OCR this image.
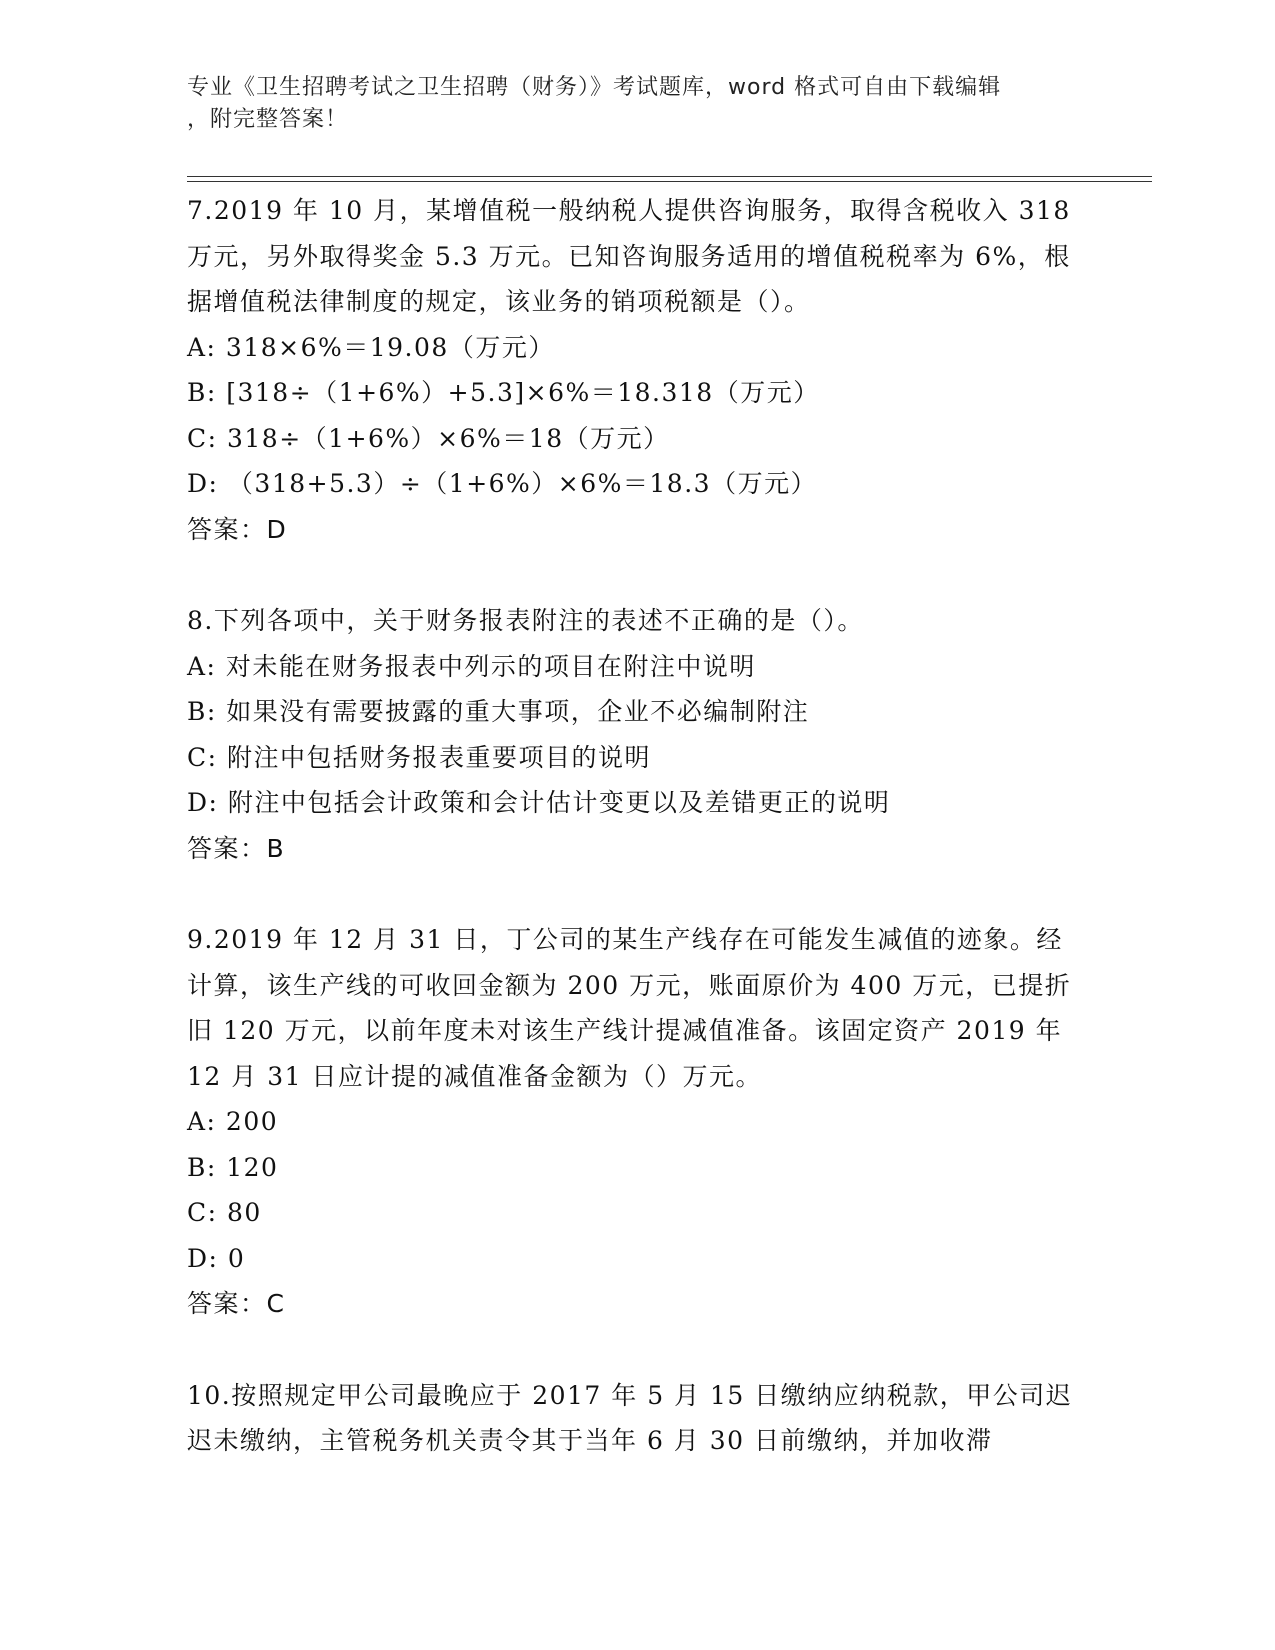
专业《卫生招聘考试之卫生招聘（财务）》考试题库，word 格式可自由下载编辑
，附完整答案！
7.2019 年 10 月，某增值税一般纳税人提供咨询服务，取得含税收入 318 万元，另外取得奖金 5.3 万元。已知咨询服务适用的增值税税率为 6%，根据增值税法律制度的规定，该业务的销项税额是（）。
A: 318×6%＝19.08（万元）
B: [318÷（1+6%）+5.3]×6%＝18.318（万元）
C: 318÷（1+6%）×6%＝18（万元）
D: （318+5.3）÷（1+6%）×6%＝18.3（万元）
答案：D
8.下列各项中，关于财务报表附注的表述不正确的是（）。
A: 对未能在财务报表中列示的项目在附注中说明
B: 如果没有需要披露的重大事项，企业不必编制附注
C: 附注中包括财务报表重要项目的说明
D: 附注中包括会计政策和会计估计变更以及差错更正的说明
答案：B
9.2019 年 12 月 31 日，丁公司的某生产线存在可能发生减值的迹象。经计算，该生产线的可收回金额为 200 万元，账面原价为 400 万元，已提折旧 120 万元，以前年度未对该生产线计提减值准备。该固定资产 2019 年 12 月 31 日应计提的减值准备金额为（）万元。
A: 200
B: 120
C: 80
D: 0
答案：C
10.按照规定甲公司最晚应于 2017 年 5 月 15 日缴纳应纳税款，甲公司迟迟未缴纳，主管税务机关责令其于当年 6 月 30 日前缴纳，并加收滞
